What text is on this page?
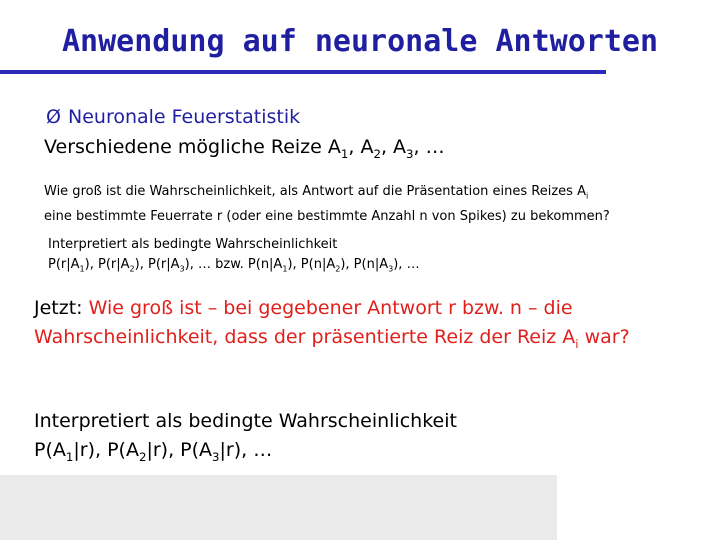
Anwendung auf neuronale Antworten
Ø Neuronale Feuerstatistik
Verschiedene mögliche Reize $A_1$, $A_2$, $A_3$, …
Wie groß ist die Wahrscheinlichkeit, als Antwort auf die Präsentation eines Reizes $A_i$
eine bestimmte Feuerrate r (oder eine bestimmte Anzahl n von Spikes) zu bekommen?
Interpretiert als bedingte Wahrscheinlichkeit
$P(r|A_1)$, $P(r|A_2)$, $P(r|A_3)$, … bzw. $P(n|A_1)$, $P(n|A_2)$, $P(n|A_3)$, …
Jetzt: Wie groß ist – bei gegebener Antwort r bzw. n – die Wahrscheinlichkeit, dass der präsentierte Reiz der Reiz $A_i$ war?
Interpretiert als bedingte Wahrscheinlichkeit
$P(A_1|r)$, $P(A_2|r)$, $P(A_3|r)$, …
